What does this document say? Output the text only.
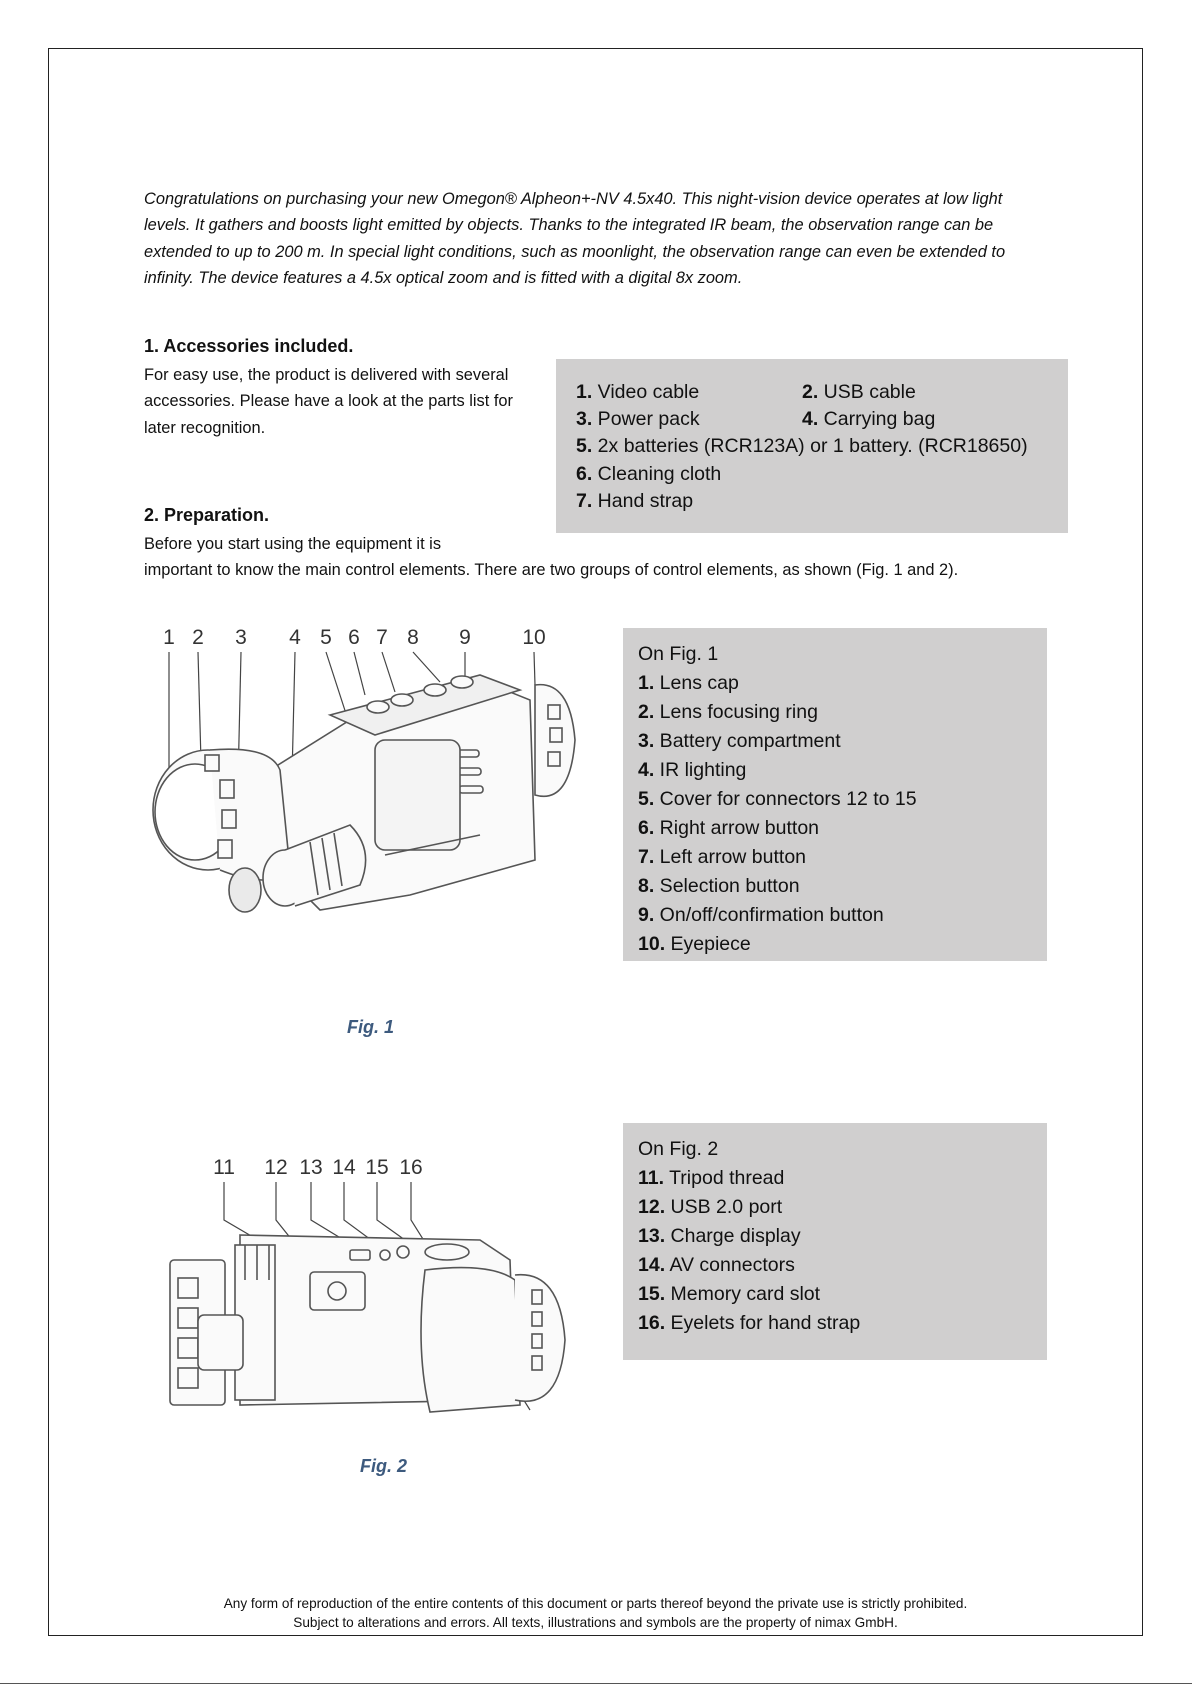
Congratulations on purchasing your new Omegon® Alpheon+-NV 4.5x40. This night-vision device operates at low light levels. It gathers and boosts light emitted by objects. Thanks to the integrated IR beam, the observation range can be extended to up to 200 m. In special light conditions, such as moonlight, the observation range can even be extended to infinity. The device features a 4.5x optical zoom and is fitted with a digital 8x zoom.

1. Accessories included.

For easy use, the product is delivered with several accessories. Please have a look at the parts list for later recognition.

1. Video cable	2. USB cable
3. Power pack	4. Carrying bag
5. 2x batteries (RCR123A) or 1 battery. (RCR18650)
6. Cleaning cloth
7. Hand strap
2. Preparation.

Before you start using the equipment it is

important to know the main control elements. There are two groups of control elements, as shown (Fig. 1 and 2).

1 2 3 4 5 6 7 8 9 10
Fig. 1
On Fig. 1
1. Lens cap
2. Lens focusing ring
3. Battery compartment
4. IR lighting
5. Cover for connectors 12 to 15
6. Right arrow button
7. Left arrow button
8. Selection button
9. On/off/confirmation button
10. Eyepiece
11 12 13 14 15 16
Fig. 2
On Fig. 2
11. Tripod thread
12. USB 2.0 port
13. Charge display
14. AV connectors
15. Memory card slot
16. Eyelets for hand strap
Any form of reproduction of the entire contents of this document or parts thereof beyond the private use is strictly prohibited.
Subject to alterations and errors. All texts, illustrations and symbols are the property of nimax GmbH.
